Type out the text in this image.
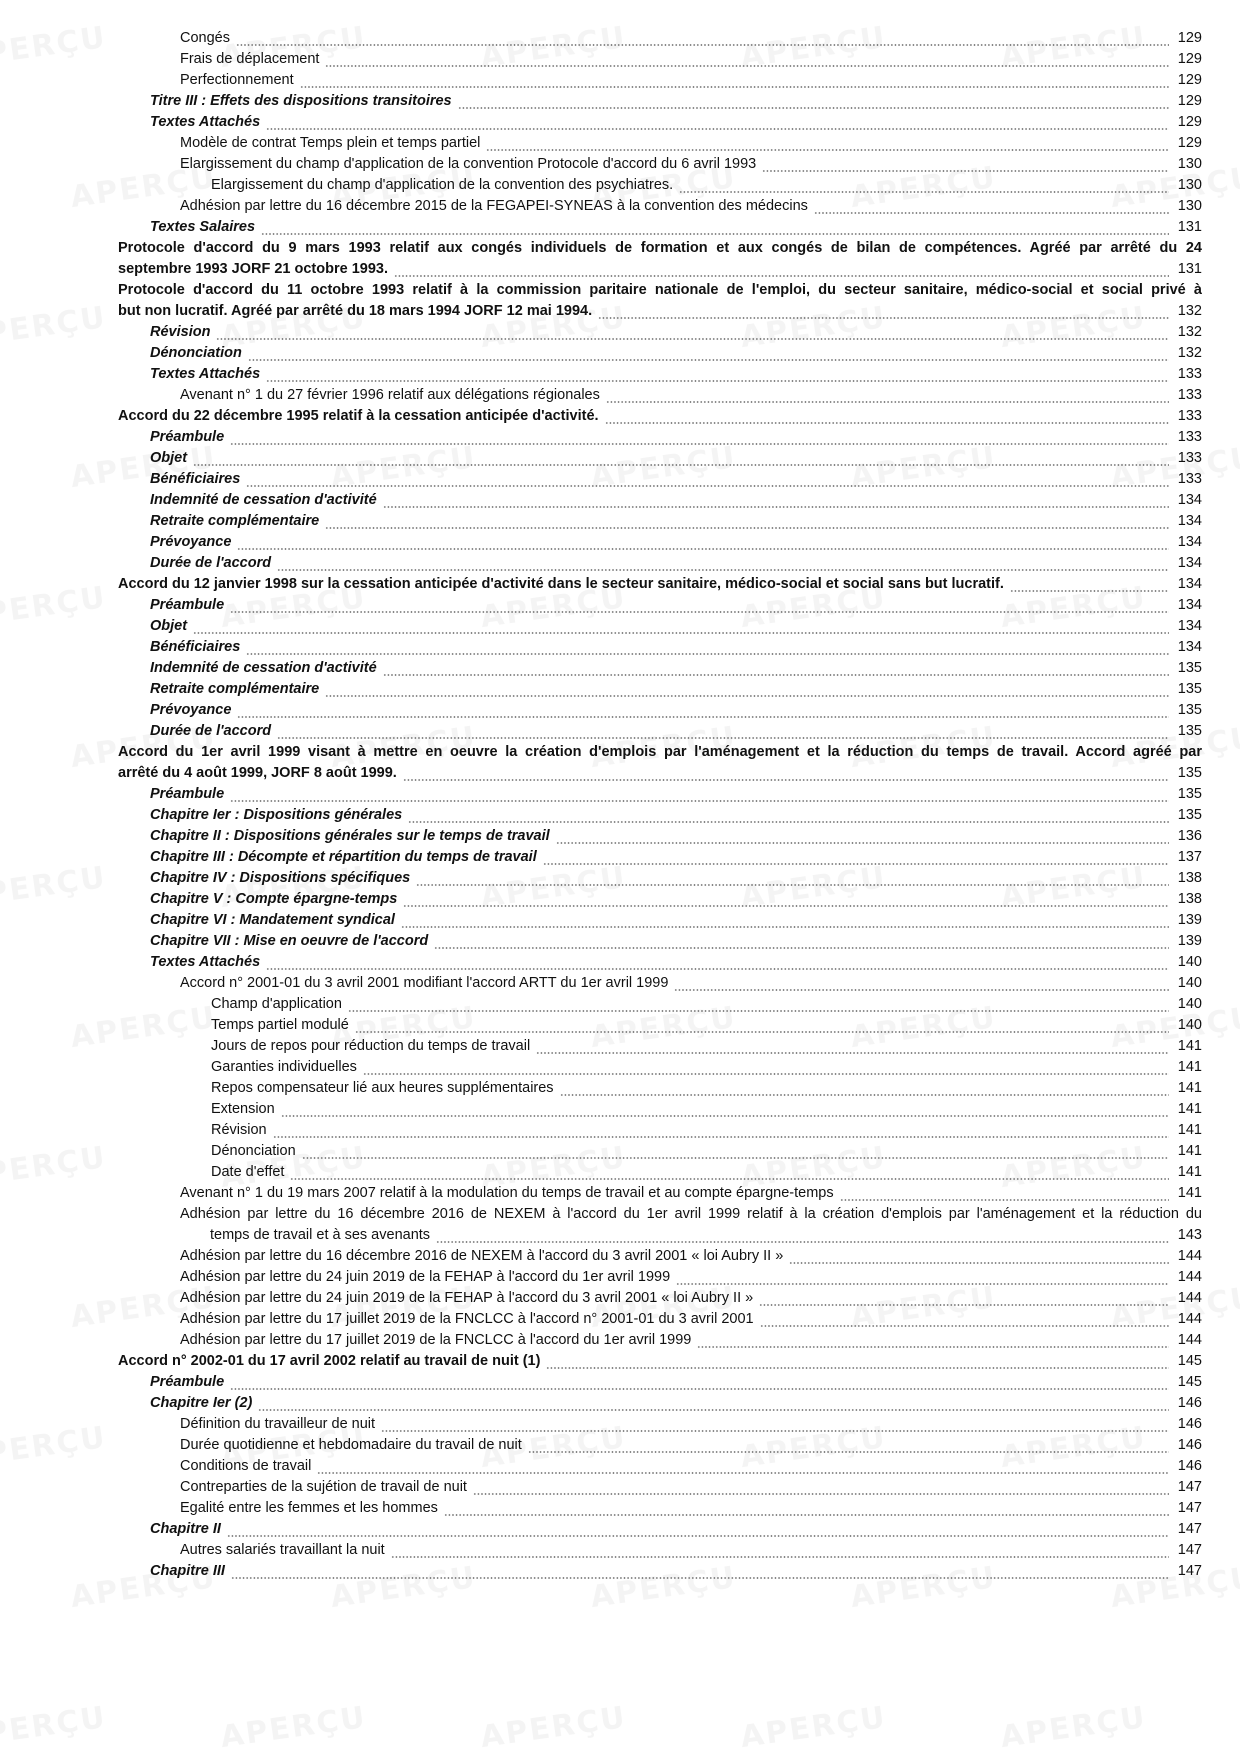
Congés	129
Frais de déplacement	129
Perfectionnement	129
Titre III : Effets des dispositions transitoires	129
Textes Attachés	129
Modèle de contrat Temps plein et temps partiel	129
Elargissement du champ d'application de la convention Protocole d'accord du 6 avril 1993	130
Elargissement du champ d'application de la convention des psychiatres.	130
Adhésion par lettre du 16 décembre 2015 de la FEGAPEI-SYNEAS à la convention des médecins	130
Textes Salaires	131
Protocole d'accord du 9 mars 1993 relatif aux congés individuels de formation et aux congés de bilan de compétences. Agréé par arrêté du 24
septembre 1993 JORF 21 octobre 1993.	131
Protocole d'accord du 11 octobre 1993 relatif à la commission paritaire nationale de l'emploi, du secteur sanitaire, médico-social et social privé à
but non lucratif. Agréé par arrêté du 18 mars 1994 JORF 12 mai 1994.	132
Révision	132
Dénonciation	132
Textes Attachés	133
Avenant n° 1 du 27 février 1996 relatif aux délégations régionales	133
Accord du 22 décembre 1995 relatif à la cessation anticipée d'activité.	133
Préambule	133
Objet	133
Bénéficiaires	133
Indemnité de cessation d'activité	134
Retraite complémentaire	134
Prévoyance	134
Durée de l'accord	134
Accord du 12 janvier 1998 sur la cessation anticipée d'activité dans le secteur sanitaire, médico-social et social sans but lucratif.	134
Préambule	134
Objet	134
Bénéficiaires	134
Indemnité de cessation d'activité	135
Retraite complémentaire	135
Prévoyance	135
Durée de l'accord	135
Accord du 1er avril 1999 visant à mettre en oeuvre la création d'emplois par l'aménagement et la réduction du temps de travail. Accord agréé par
arrêté du 4 août 1999, JORF 8 août 1999.	135
Préambule	135
Chapitre Ier : Dispositions générales	135
Chapitre II : Dispositions générales sur le temps de travail	136
Chapitre III : Décompte et répartition du temps de travail	137
Chapitre IV : Dispositions spécifiques	138
Chapitre V : Compte épargne-temps	138
Chapitre VI : Mandatement syndical	139
Chapitre VII : Mise en oeuvre de l'accord	139
Textes Attachés	140
Accord n° 2001-01 du 3 avril 2001 modifiant l'accord ARTT du 1er avril 1999	140
Champ d'application	140
Temps partiel modulé	140
Jours de repos pour réduction du temps de travail	141
Garanties individuelles	141
Repos compensateur lié aux heures supplémentaires	141
Extension	141
Révision	141
Dénonciation	141
Date d'effet	141
Avenant n° 1 du 19 mars 2007 relatif à la modulation du temps de travail et au compte épargne-temps	141
Adhésion par lettre du 16 décembre 2016 de NEXEM à l'accord du 1er avril 1999 relatif à la création d'emplois par l'aménagement et la réduction du
temps de travail et à ses avenants	143
Adhésion par lettre du 16 décembre 2016 de NEXEM à l'accord du 3 avril 2001 « loi Aubry II »	144
Adhésion par lettre du 24 juin 2019 de la FEHAP à l'accord du 1er avril 1999	144
Adhésion par lettre du 24 juin 2019 de la FEHAP à l'accord du 3 avril 2001 « loi Aubry II »	144
Adhésion par lettre du 17 juillet 2019 de la FNCLCC à l'accord n° 2001-01 du 3 avril 2001	144
Adhésion par lettre du 17 juillet 2019 de la FNCLCC à l'accord du 1er avril 1999	144
Accord n° 2002-01 du 17 avril 2002 relatif au travail de nuit (1)	145
Préambule	145
Chapitre Ier (2)	146
Définition du travailleur de nuit	146
Durée quotidienne et hebdomadaire du travail de nuit	146
Conditions de travail	146
Contreparties de la sujétion de travail de nuit	147
Egalité entre les femmes et les hommes	147
Chapitre II	147
Autres salariés travaillant la nuit	147
Chapitre III	147
